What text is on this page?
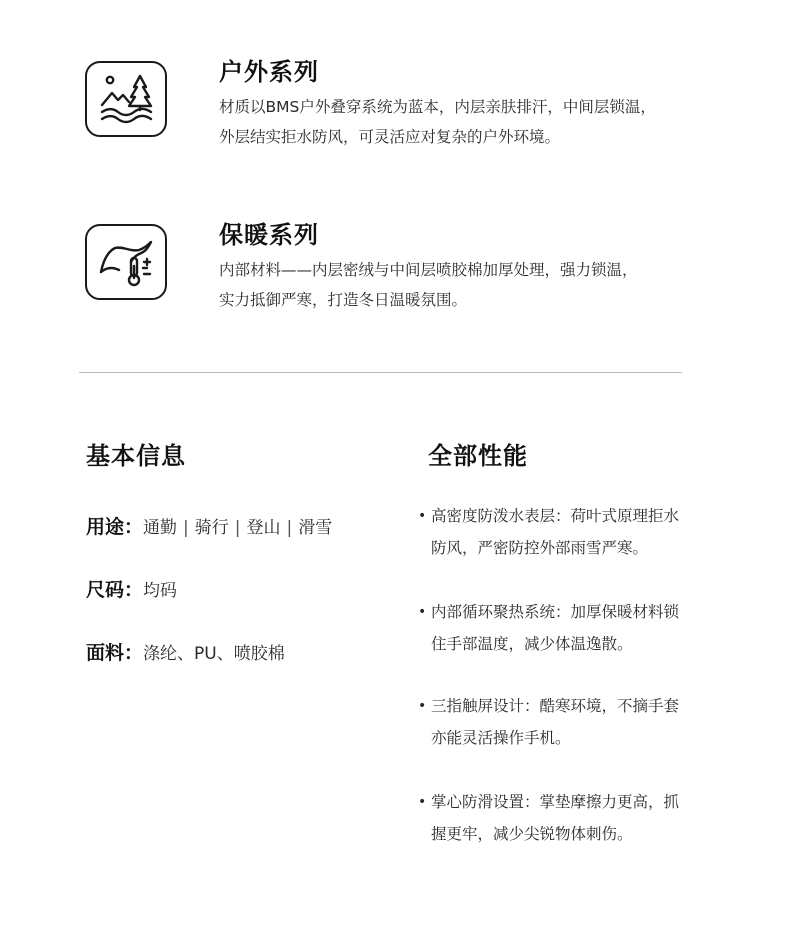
户外系列
材质以BMS户外叠穿系统为蓝本，内层亲肤排汗，中间层锁温，
外层结实拒水防风，可灵活应对复杂的户外环境。
保暖系列
内部材料——内层密绒与中间层喷胶棉加厚处理，强力锁温，
实力抵御严寒，打造冬日温暖氛围。
基本信息
用途：通勤 | 骑行 | 登山 | 滑雪
尺码：均码
面料：涤纶、PU、喷胶棉
全部性能
• 高密度防泼水表层：荷叶式原理拒水
防风，严密防控外部雨雪严寒。
• 内部循环聚热系统：加厚保暖材料锁
住手部温度，减少体温逸散。
• 三指触屏设计：酷寒环境，不摘手套
亦能灵活操作手机。
• 掌心防滑设置：掌垫摩擦力更高，抓
握更牢，减少尖锐物体刺伤。
